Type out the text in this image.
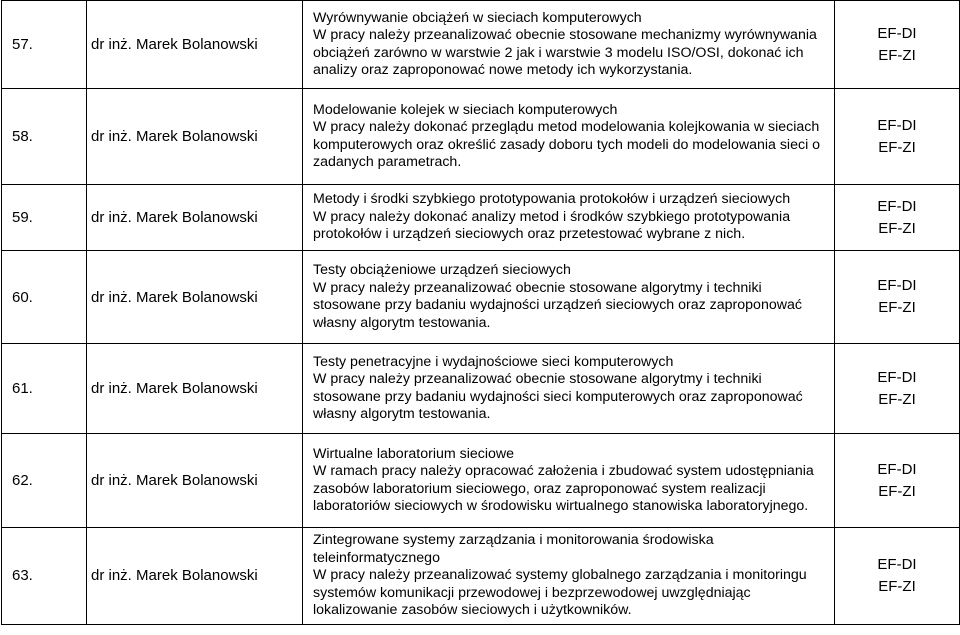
57.	dr inż. Marek Bolanowski	Wyrównywanie obciążeń w sieciach komputerowych
W pracy należy przeanalizować obecnie stosowane mechanizmy wyrównywania obciążeń zarówno w warstwie 2 jak i warstwie 3 modelu ISO/OSI, dokonać ich analizy oraz zaproponować nowe metody ich wykorzystania.	EF-DI
EF-ZI

58.	dr inż. Marek Bolanowski	Modelowanie kolejek w sieciach komputerowych
W pracy należy dokonać przeglądu metod modelowania kolejkowania w sieciach komputerowych oraz określić zasady doboru tych modeli do modelowania sieci o zadanych parametrach.	EF-DI
EF-ZI

59.	dr inż. Marek Bolanowski	Metody i środki szybkiego prototypowania protokołów i urządzeń sieciowych
W pracy należy dokonać analizy metod i środków szybkiego prototypowania protokołów i urządzeń sieciowych oraz przetestować wybrane z nich.	EF-DI
EF-ZI

60.	dr inż. Marek Bolanowski	Testy obciążeniowe urządzeń sieciowych
W pracy należy przeanalizować obecnie stosowane algorytmy i techniki stosowane przy badaniu wydajności urządzeń sieciowych oraz zaproponować własny algorytm testowania.	EF-DI
EF-ZI

61.	dr inż. Marek Bolanowski	Testy penetracyjne i wydajnościowe sieci komputerowych
W pracy należy przeanalizować obecnie stosowane algorytmy i techniki stosowane przy badaniu wydajności sieci komputerowych oraz zaproponować własny algorytm testowania.	EF-DI
EF-ZI

62.	dr inż. Marek Bolanowski	Wirtualne laboratorium sieciowe
W ramach pracy należy opracować założenia i zbudować system udostępniania zasobów laboratorium sieciowego, oraz zaproponować system realizacji laboratoriów sieciowych w środowisku wirtualnego stanowiska laboratoryjnego.	EF-DI
EF-ZI

63.	dr inż. Marek Bolanowski	Zintegrowane systemy zarządzania i monitorowania środowiska teleinformatycznego
W pracy należy przeanalizować systemy globalnego zarządzania i monitoringu systemów komunikacji przewodowej i bezprzewodowej uwzględniając lokalizowanie zasobów sieciowych i użytkowników.	EF-DI
EF-ZI
